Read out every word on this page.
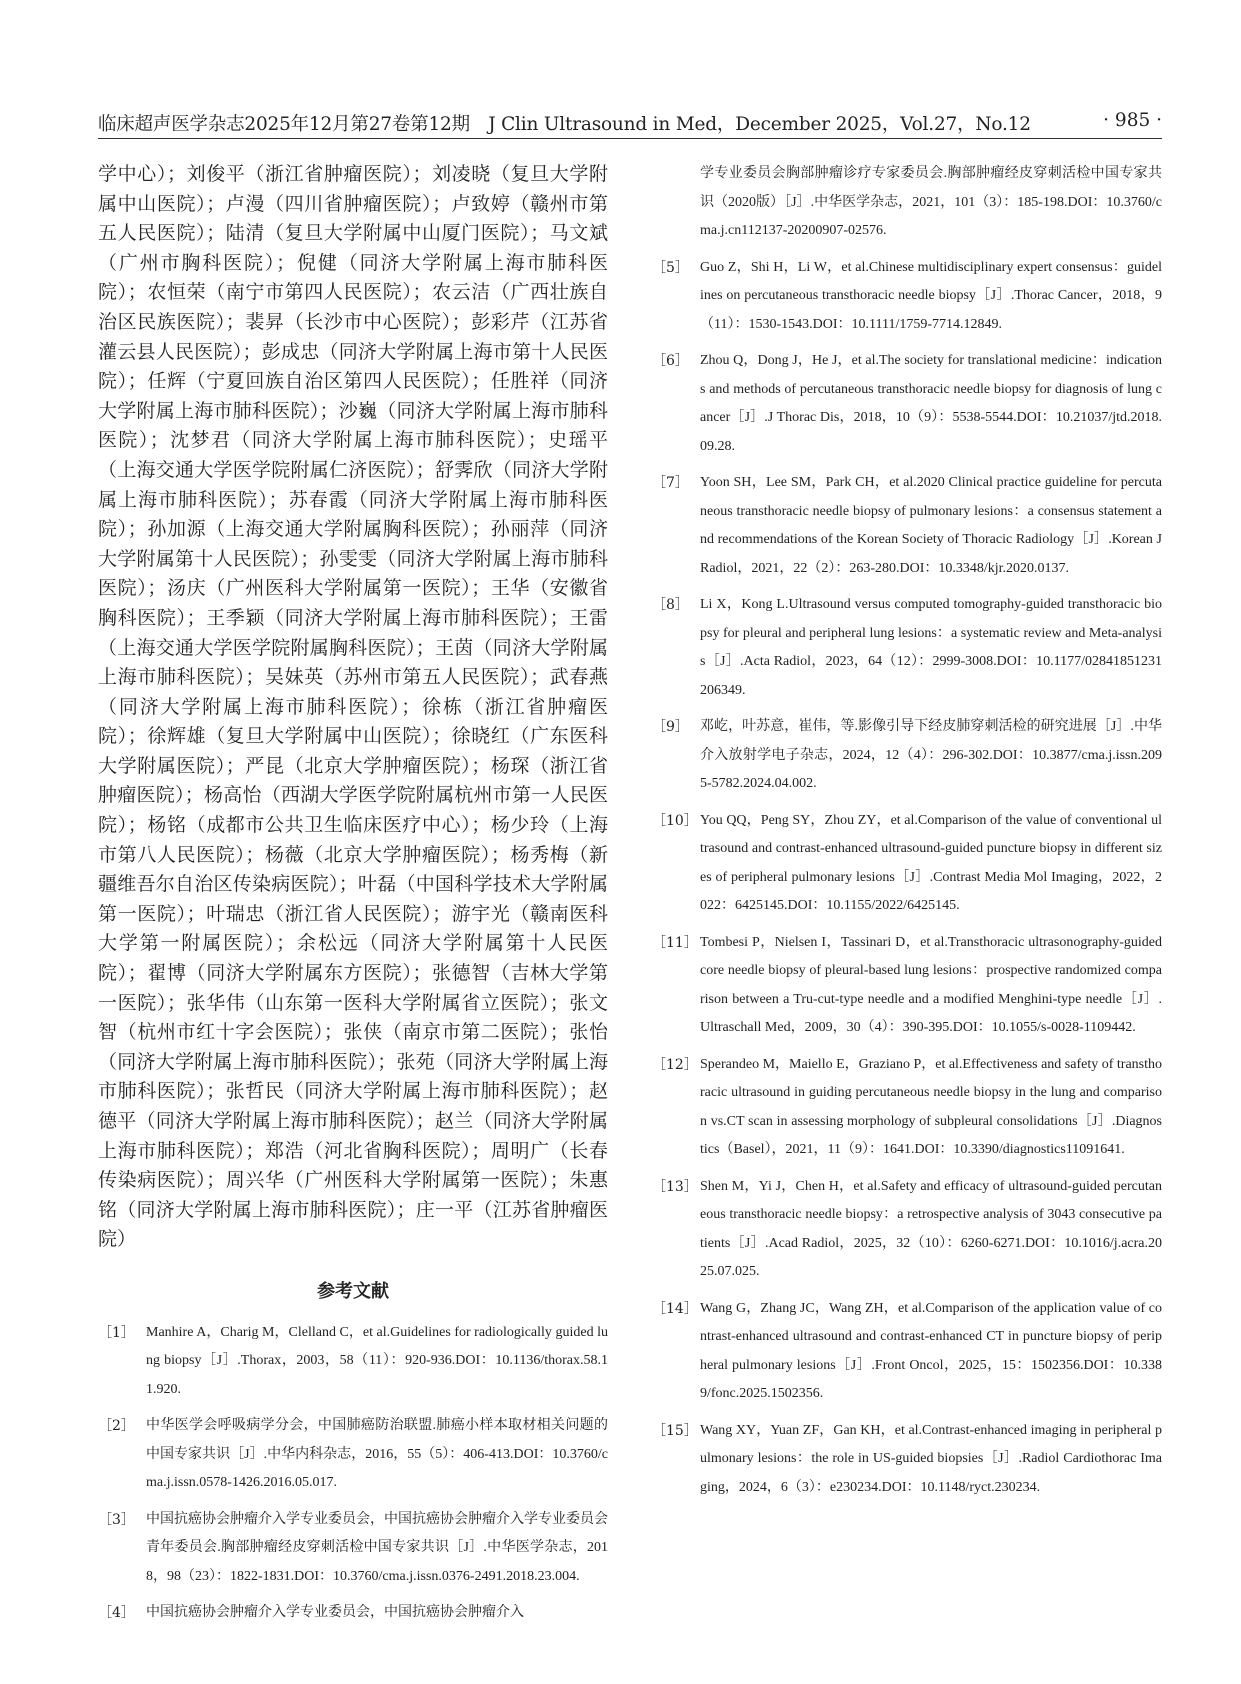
临床超声医学杂志2025年12月第27卷第12期　J Clin Ultrasound in Med，December 2025，Vol.27，No.12	· 985 ·

学中心）；刘俊平（浙江省肿瘤医院）；刘凌晓（复旦大学附属中山医院）；卢漫（四川省肿瘤医院）；卢致婷（赣州市第五人民医院）；陆清（复旦大学附属中山厦门医院）；马文斌（广州市胸科医院）；倪健（同济大学附属上海市肺科医院）；农恒荣（南宁市第四人民医院）；农云洁（广西壮族自治区民族医院）；裴昇（长沙市中心医院）；彭彩芹（江苏省灌云县人民医院）；彭成忠（同济大学附属上海市第十人民医院）；任辉（宁夏回族自治区第四人民医院）；任胜祥（同济大学附属上海市肺科医院）；沙巍（同济大学附属上海市肺科医院）；沈梦君（同济大学附属上海市肺科医院）；史瑶平（上海交通大学医学院附属仁济医院）；舒霁欣（同济大学附属上海市肺科医院）；苏春霞（同济大学附属上海市肺科医院）；孙加源（上海交通大学附属胸科医院）；孙丽萍（同济大学附属第十人民医院）；孙雯雯（同济大学附属上海市肺科医院）；汤庆（广州医科大学附属第一医院）；王华（安徽省胸科医院）；王季颖（同济大学附属上海市肺科医院）；王雷（上海交通大学医学院附属胸科医院）；王茵（同济大学附属上海市肺科医院）；吴妹英（苏州市第五人民医院）；武春燕（同济大学附属上海市肺科医院）；徐栋（浙江省肿瘤医院）；徐辉雄（复旦大学附属中山医院）；徐晓红（广东医科大学附属医院）；严昆（北京大学肿瘤医院）；杨琛（浙江省肿瘤医院）；杨高怡（西湖大学医学院附属杭州市第一人民医院）；杨铭（成都市公共卫生临床医疗中心）；杨少玲（上海市第八人民医院）；杨薇（北京大学肿瘤医院）；杨秀梅（新疆维吾尔自治区传染病医院）；叶磊（中国科学技术大学附属第一医院）；叶瑞忠（浙江省人民医院）；游宇光（赣南医科大学第一附属医院）；余松远（同济大学附属第十人民医院）；翟博（同济大学附属东方医院）；张德智（吉林大学第一医院）；张华伟（山东第一医科大学附属省立医院）；张文智（杭州市红十字会医院）；张侠（南京市第二医院）；张怡（同济大学附属上海市肺科医院）；张苑（同济大学附属上海市肺科医院）；张哲民（同济大学附属上海市肺科医院）；赵德平（同济大学附属上海市肺科医院）；赵兰（同济大学附属上海市肺科医院）；郑浩（河北省胸科医院）；周明广（长春传染病医院）；周兴华（广州医科大学附属第一医院）；朱惠铭（同济大学附属上海市肺科医院）；庄一平（江苏省肿瘤医院）

参考文献
［1］ Manhire A，Charig M，Clelland C，et al.Guidelines for radiologically guided lung biopsy［J］.Thorax，2003，58（11）：920-936.DOI：10.1136/thorax.58.11.920.
［2］ 中华医学会呼吸病学分会，中国肺癌防治联盟.肺癌小样本取材相关问题的中国专家共识［J］.中华内科杂志，2016，55（5）：406-413.DOI：10.3760/cma.j.issn.0578-1426.2016.05.017.
［3］ 中国抗癌协会肿瘤介入学专业委员会，中国抗癌协会肿瘤介入学专业委员会青年委员会.胸部肿瘤经皮穿刺活检中国专家共识［J］.中华医学杂志，2018，98（23）：1822-1831.DOI：10.3760/cma.j.issn.0376-2491.2018.23.004.
［4］ 中国抗癌协会肿瘤介入学专业委员会，中国抗癌协会肿瘤介入
学专业委员会胸部肿瘤诊疗专家委员会.胸部肿瘤经皮穿刺活检中国专家共识（2020版）［J］.中华医学杂志，2021，101（3）：185-198.DOI：10.3760/cma.j.cn112137-20200907-02576.
［5］ Guo Z，Shi H，Li W，et al.Chinese multidisciplinary expert consensus：guidelines on percutaneous transthoracic needle biopsy［J］.Thorac Cancer，2018，9（11）：1530-1543.DOI：10.1111/1759-7714.12849.
［6］ Zhou Q，Dong J，He J，et al.The society for translational medicine：indications and methods of percutaneous transthoracic needle biopsy for diagnosis of lung cancer［J］.J Thorac Dis，2018，10（9）：5538-5544.DOI：10.21037/jtd.2018.09.28.
［7］ Yoon SH，Lee SM，Park CH，et al.2020 Clinical practice guideline for percutaneous transthoracic needle biopsy of pulmonary lesions：a consensus statement and recommendations of the Korean Society of Thoracic Radiology［J］.Korean J Radiol，2021，22（2）：263-280.DOI：10.3348/kjr.2020.0137.
［8］ Li X，Kong L.Ultrasound versus computed tomography-guided transthoracic biopsy for pleural and peripheral lung lesions：a systematic review and Meta-analysis［J］.Acta Radiol，2023，64（12）：2999-3008.DOI：10.1177/02841851231206349.
［9］ 邓屹，叶苏意，崔伟，等.影像引导下经皮肺穿刺活检的研究进展［J］.中华介入放射学电子杂志，2024，12（4）：296-302.DOI：10.3877/cma.j.issn.2095-5782.2024.04.002.
［10］ You QQ，Peng SY，Zhou ZY，et al.Comparison of the value of conventional ultrasound and contrast-enhanced ultrasound-guided puncture biopsy in different sizes of peripheral pulmonary lesions［J］.Contrast Media Mol Imaging，2022，2022：6425145.DOI：10.1155/2022/6425145.
［11］ Tombesi P，Nielsen I，Tassinari D，et al.Transthoracic ultrasonography-guided core needle biopsy of pleural-based lung lesions：prospective randomized comparison between a Tru-cut-type needle and a modified Menghini-type needle［J］.Ultraschall Med，2009，30（4）：390-395.DOI：10.1055/s-0028-1109442.
［12］ Sperandeo M，Maiello E，Graziano P，et al.Effectiveness and safety of transthoracic ultrasound in guiding percutaneous needle biopsy in the lung and comparison vs.CT scan in assessing morphology of subpleural consolidations［J］.Diagnostics（Basel），2021，11（9）：1641.DOI：10.3390/diagnostics11091641.
［13］ Shen M，Yi J，Chen H，et al.Safety and efficacy of ultrasound-guided percutaneous transthoracic needle biopsy：a retrospective analysis of 3043 consecutive patients［J］.Acad Radiol，2025，32（10）：6260-6271.DOI：10.1016/j.acra.2025.07.025.
［14］ Wang G，Zhang JC，Wang ZH，et al.Comparison of the application value of contrast-enhanced ultrasound and contrast-enhanced CT in puncture biopsy of peripheral pulmonary lesions［J］.Front Oncol，2025，15：1502356.DOI：10.3389/fonc.2025.1502356.
［15］ Wang XY，Yuan ZF，Gan KH，et al.Contrast-enhanced imaging in peripheral pulmonary lesions：the role in US-guided biopsies［J］.Radiol Cardiothorac Imaging，2024，6（3）：e230234.DOI：10.1148/ryct.230234.
